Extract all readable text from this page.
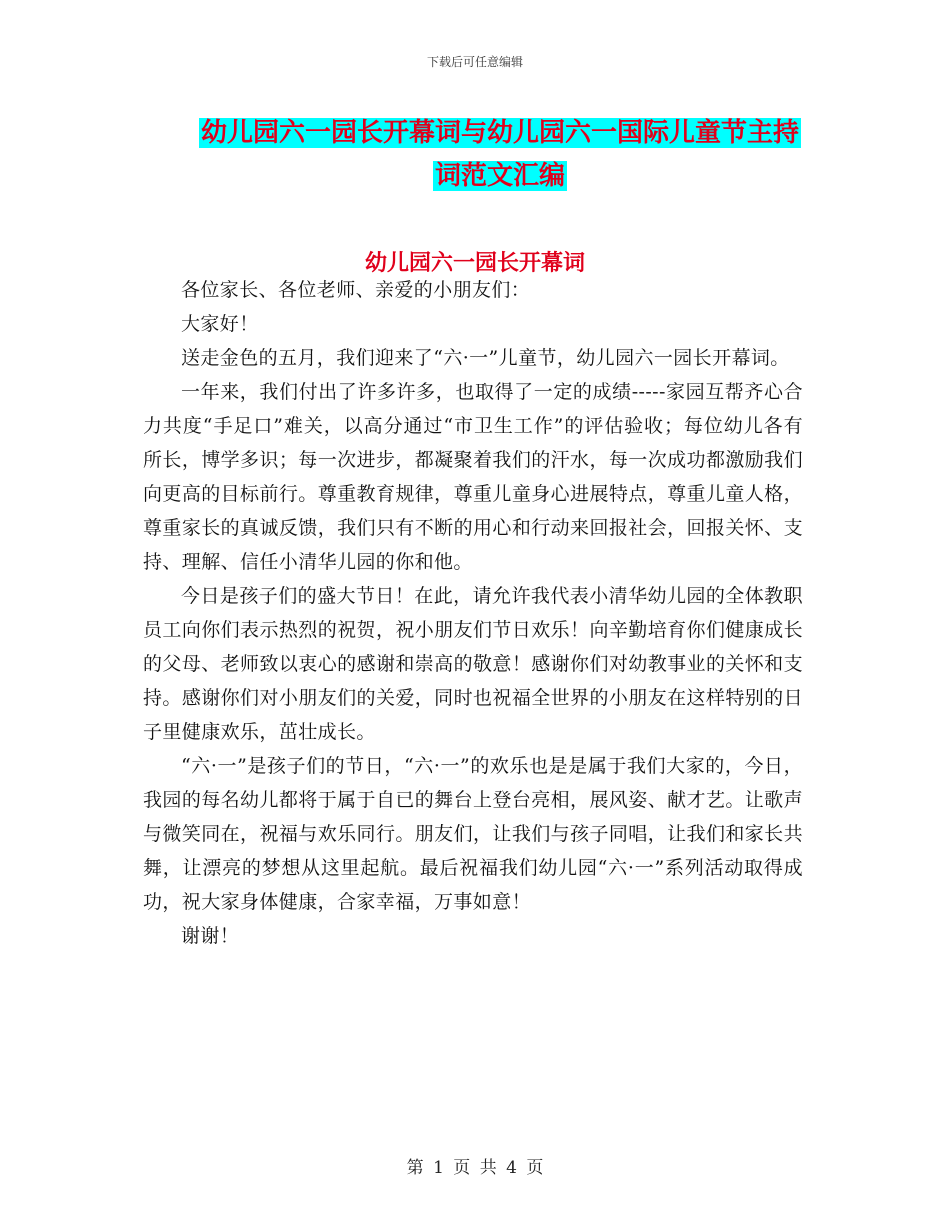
下载后可任意编辑
幼儿园六一园长开幕词与幼儿园六一国际儿童节主持
词范文汇编
幼儿园六一园长开幕词

各位家长、各位老师、亲爱的小朋友们：

大家好！

送走金色的五月，我们迎来了“六·一”儿童节，幼儿园六一园长开幕词。

一年来，我们付出了许多许多，也取得了一定的成绩-----家园互帮齐心合力共度“手足口”难关，以高分通过“市卫生工作”的评估验收；每位幼儿各有所长，博学多识；每一次进步，都凝聚着我们的汗水，每一次成功都激励我们向更高的目标前行。尊重教育规律，尊重儿童身心进展特点，尊重儿童人格，尊重家长的真诚反馈，我们只有不断的用心和行动来回报社会，回报关怀、支持、理解、信任小清华儿园的你和他。

今日是孩子们的盛大节日！在此，请允许我代表小清华幼儿园的全体教职员工向你们表示热烈的祝贺，祝小朋友们节日欢乐！向辛勤培育你们健康成长的父母、老师致以衷心的感谢和崇高的敬意！感谢你们对幼教事业的关怀和支持。感谢你们对小朋友们的关爱，同时也祝福全世界的小朋友在这样特别的日子里健康欢乐，茁壮成长。

“六·一”是孩子们的节日，“六·一”的欢乐也是是属于我们大家的，今日，我园的每名幼儿都将于属于自已的舞台上登台亮相，展风姿、献才艺。让歌声与微笑同在，祝福与欢乐同行。朋友们，让我们与孩子同唱，让我们和家长共舞，让漂亮的梦想从这里起航。最后祝福我们幼儿园“六·一”系列活动取得成功，祝大家身体健康，合家幸福，万事如意！

谢谢！

第 1 页 共 4 页
